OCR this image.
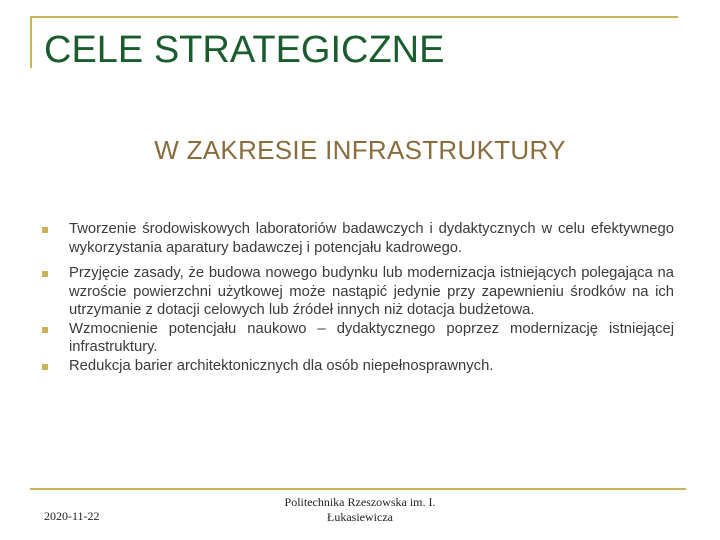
CELE STRATEGICZNE
W ZAKRESIE INFRASTRUKTURY
Tworzenie środowiskowych laboratoriów badawczych i dydaktycznych w celu efektywnego wykorzystania aparatury badawczej i potencjału kadrowego.
Przyjęcie zasady, że budowa nowego budynku lub modernizacja istniejących polegająca na wzroście powierzchni użytkowej może nastąpić jedynie przy zapewnieniu środków na ich utrzymanie z dotacji celowych lub źródeł innych niż dotacja budżetowa.
Wzmocnienie potencjału naukowo – dydaktycznego poprzez modernizację istniejącej infrastruktury.
Redukcja barier architektonicznych dla osób niepełnosprawnych.
2020-11-22
Politechnika Rzeszowska im. I. Łukasiewicza
